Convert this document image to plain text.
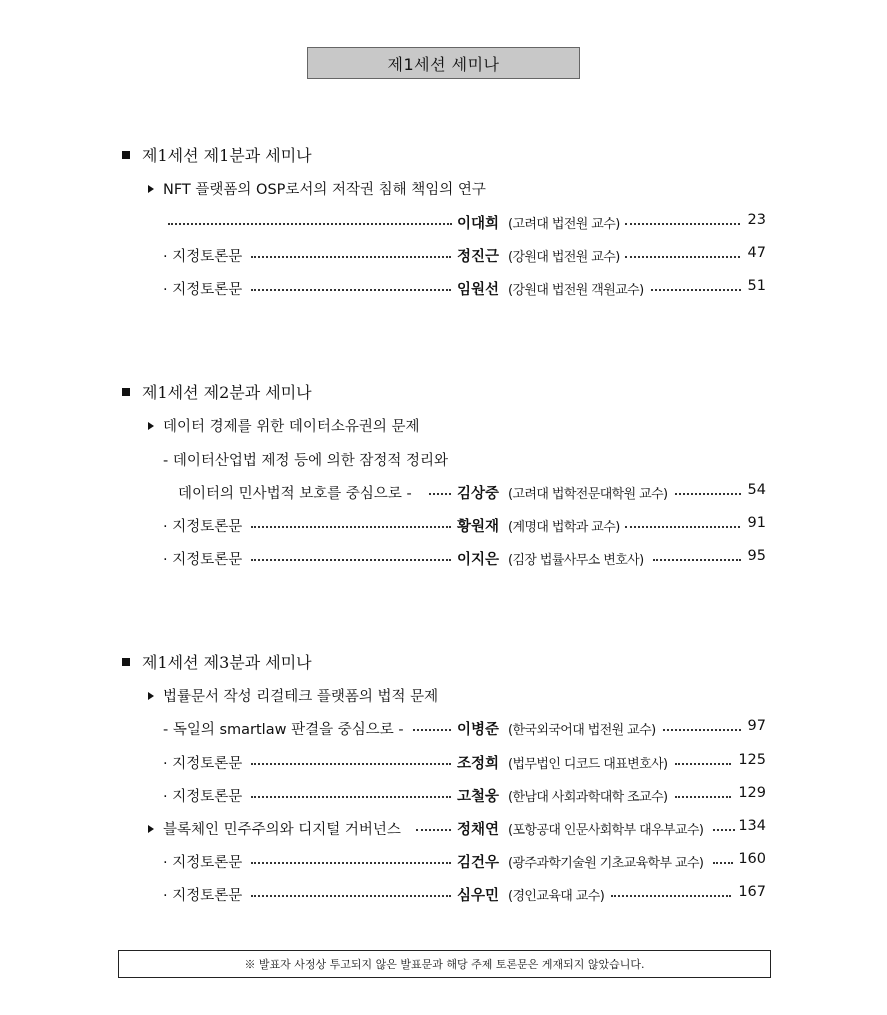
제1세션 세미나
제1세션 제1분과 세미나
NFT 플랫폼의 OSP로서의 저작권 침해 책임의 연구
이대희 (고려대 법전원 교수)	23
· 지정토론문	정진근 (강원대 법전원 교수)	47
· 지정토론문	임원선 (강원대 법전원 객원교수)	51
제1세션 제2분과 세미나
데이터 경제를 위한 데이터소유권의 문제
- 데이터산업법 제정 등에 의한 잠정적 정리와
데이터의 민사법적 보호를 중심으로 -	김상중 (고려대 법학전문대학원 교수)	54
· 지정토론문	황원재 (계명대 법학과 교수)	91
· 지정토론문	이지은 (김장 법률사무소 변호사)	95
제1세션 제3분과 세미나
법률문서 작성 리걸테크 플랫폼의 법적 문제
- 독일의 smartlaw 판결을 중심으로 -	이병준 (한국외국어대 법전원 교수)	97
· 지정토론문	조정희 (법무법인 디코드 대표변호사)	125
· 지정토론문	고철웅 (한남대 사회과학대학 조교수)	129
블록체인 민주주의와 디지털 거버넌스	정채연 (포항공대 인문사회학부 대우부교수) 134
· 지정토론문	김건우 (광주과학기술원 기초교육학부 교수) 160
· 지정토론문	심우민 (경인교육대 교수)	167
※ 발표자 사정상 투고되지 않은 발표문과 해당 주제 토론문은 게재되지 않았습니다.
